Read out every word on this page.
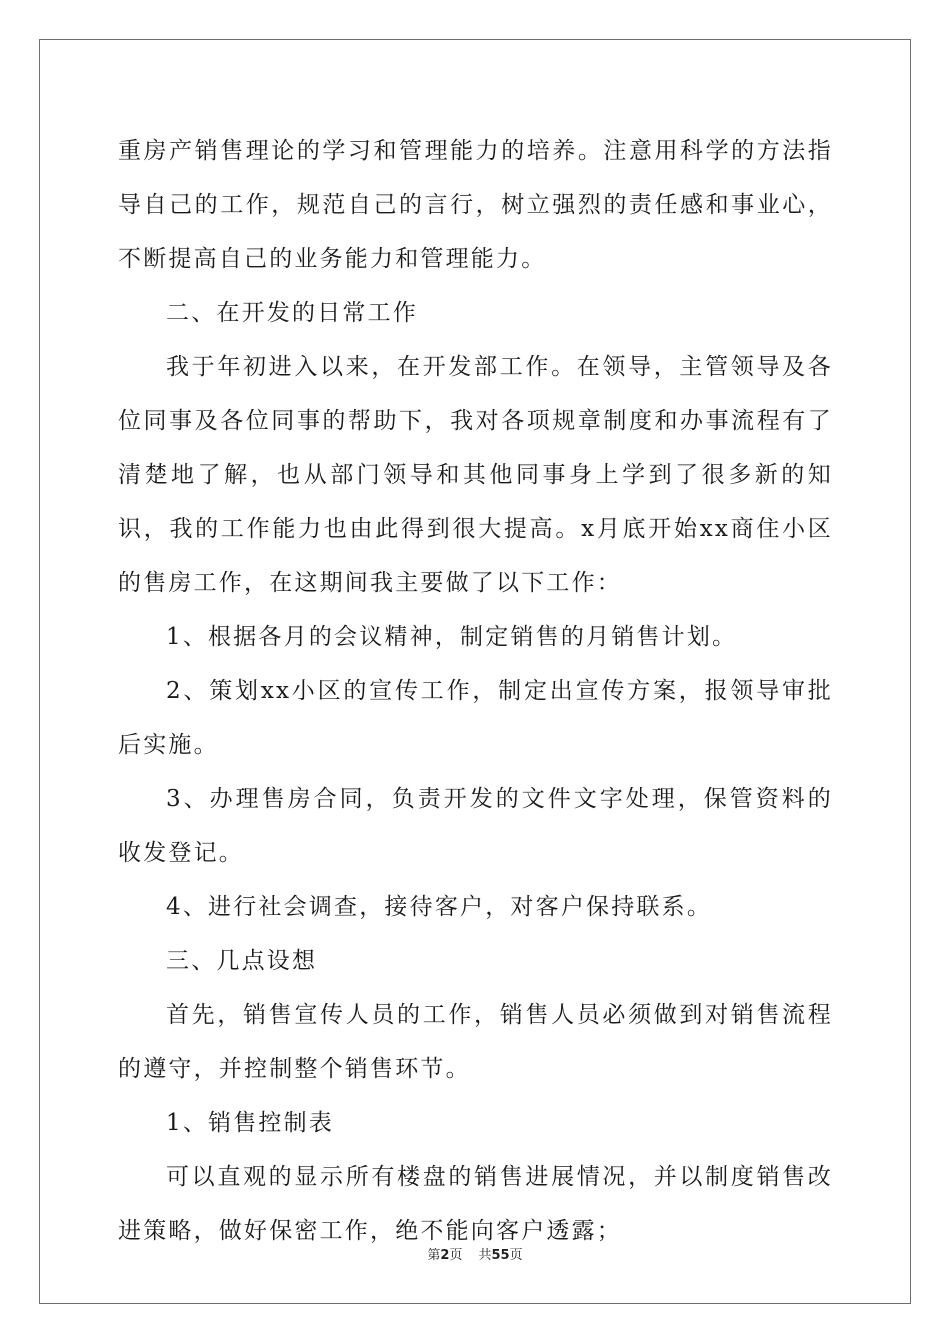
重房产销售理论的学习和管理能力的培养。注意用科学的方法指导自己的工作，规范自己的言行，树立强烈的责任感和事业心，不断提高自己的业务能力和管理能力。

二、在开发的日常工作

我于年初进入以来，在开发部工作。在领导，主管领导及各位同事及各位同事的帮助下，我对各项规章制度和办事流程有了清楚地了解，也从部门领导和其他同事身上学到了很多新的知识，我的工作能力也由此得到很大提高。x月底开始xx商住小区的售房工作，在这期间我主要做了以下工作：

1、根据各月的会议精神，制定销售的月销售计划。

2、策划xx小区的宣传工作，制定出宣传方案，报领导审批后实施。

3、办理售房合同，负责开发的文件文字处理，保管资料的收发登记。

4、进行社会调查，接待客户，对客户保持联系。

三、几点设想

首先，销售宣传人员的工作，销售人员必须做到对销售流程的遵守，并控制整个销售环节。

1、销售控制表

可以直观的显示所有楼盘的销售进展情况，并以制度销售改进策略，做好保密工作，绝不能向客户透露；

第2页 共55页
